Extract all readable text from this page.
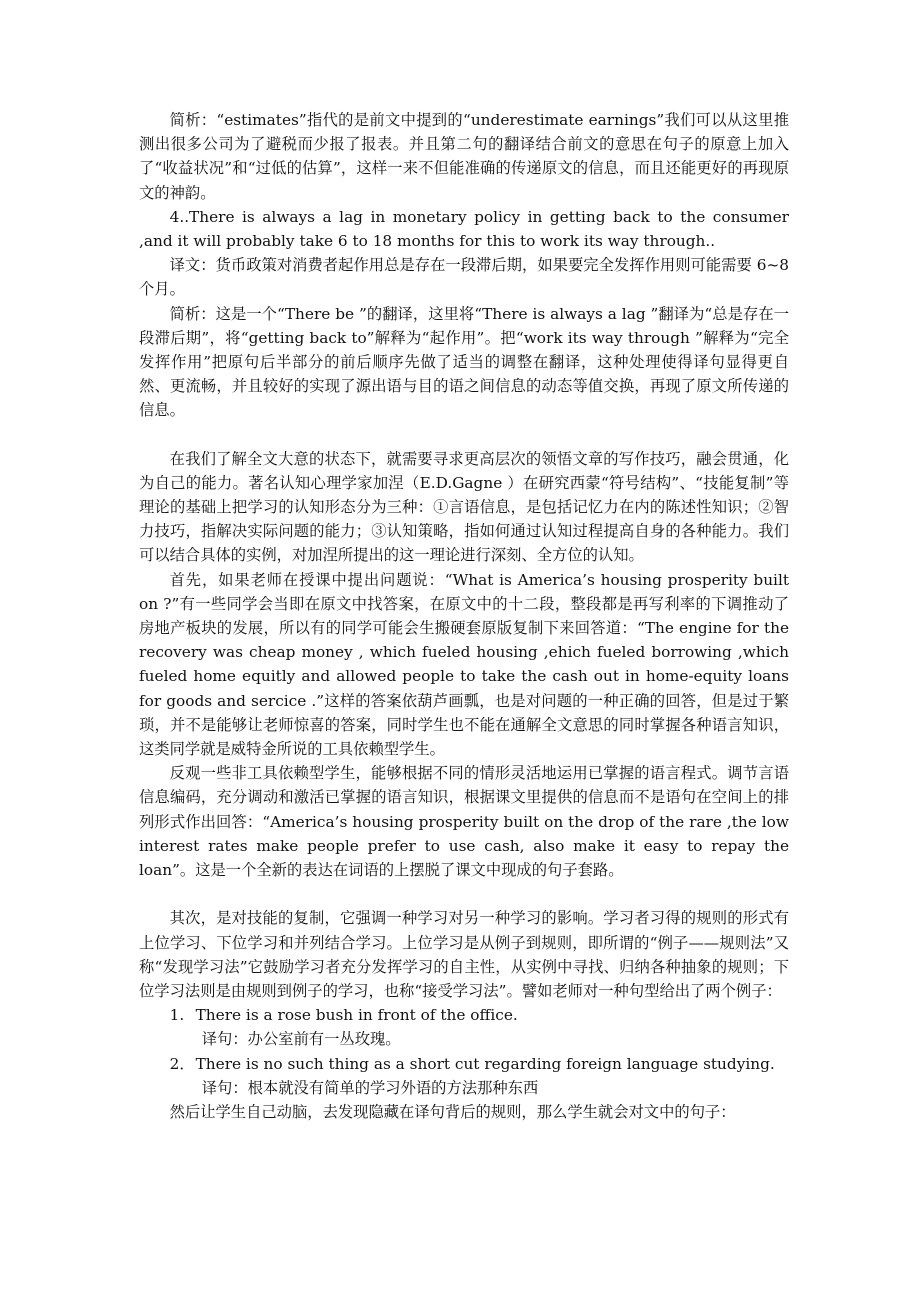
简析：“estimates”指代的是前文中提到的“underestimate earnings”我们可以从这里推测出很多公司为了避税而少报了报表。并且第二句的翻译结合前文的意思在句子的原意上加入了“收益状况”和“过低的估算”，这样一来不但能准确的传递原文的信息，而且还能更好的再现原文的神韵。

4..There is always a lag in monetary policy in getting back to the consumer ,and it will probably take 6 to 18 months for this to work its way through..

译文：货币政策对消费者起作用总是存在一段滞后期，如果要完全发挥作用则可能需要 6~8 个月。

简析：这是一个“There be ”的翻译，这里将“There is always a lag ”翻译为“总是存在一段滞后期”，将“getting back to”解释为“起作用”。把“work its way through ”解释为“完全发挥作用”把原句后半部分的前后顺序先做了适当的调整在翻译，这种处理使得译句显得更自然、更流畅，并且较好的实现了源出语与目的语之间信息的动态等值交换，再现了原文所传递的信息。

在我们了解全文大意的状态下，就需要寻求更高层次的领悟文章的写作技巧，融会贯通，化为自己的能力。著名认知心理学家加涅（E.D.Gagne ）在研究西蒙“符号结构”、“技能复制”等理论的基础上把学习的认知形态分为三种：①言语信息，是包括记忆力在内的陈述性知识；②智力技巧，指解决实际问题的能力；③认知策略，指如何通过认知过程提高自身的各种能力。我们可以结合具体的实例，对加涅所提出的这一理论进行深刻、全方位的认知。

首先，如果老师在授课中提出问题说：“What is America’s housing prosperity built on ?”有一些同学会当即在原文中找答案，在原文中的十二段，整段都是再写利率的下调推动了房地产板块的发展，所以有的同学可能会生搬硬套原版复制下来回答道：“The engine for the recovery was cheap money , which fueled housing ,ehich fueled borrowing ,which fueled home equitly and allowed people to take the cash out in home-equity loans for goods and sercice .”这样的答案依葫芦画瓢，也是对问题的一种正确的回答，但是过于繁琐，并不是能够让老师惊喜的答案，同时学生也不能在通解全文意思的同时掌握各种语言知识，这类同学就是威特金所说的工具依赖型学生。

反观一些非工具依赖型学生，能够根据不同的情形灵活地运用已掌握的语言程式。调节言语信息编码，充分调动和激活已掌握的语言知识，根据课文里提供的信息而不是语句在空间上的排列形式作出回答：“America’s housing prosperity built on the drop of the rare ,the low interest rates make people prefer to use cash, also make it easy to repay the loan”。这是一个全新的表达在词语的上摆脱了课文中现成的句子套路。

其次，是对技能的复制，它强调一种学习对另一种学习的影响。学习者习得的规则的形式有上位学习、下位学习和并列结合学习。上位学习是从例子到规则，即所谓的“例子——规则法”又称“发现学习法”它鼓励学习者充分发挥学习的自主性，从实例中寻找、归纳各种抽象的规则；下位学习法则是由规则到例子的学习，也称“接受学习法”。譬如老师对一种句型给出了两个例子：

1. There is a rose bush in front of the office.

译句：办公室前有一丛玫瑰。

2．There is no such thing as a short cut regarding foreign language studying.

译句：根本就没有简单的学习外语的方法那种东西

然后让学生自己动脑，去发现隐藏在译句背后的规则，那么学生就会对文中的句子：
